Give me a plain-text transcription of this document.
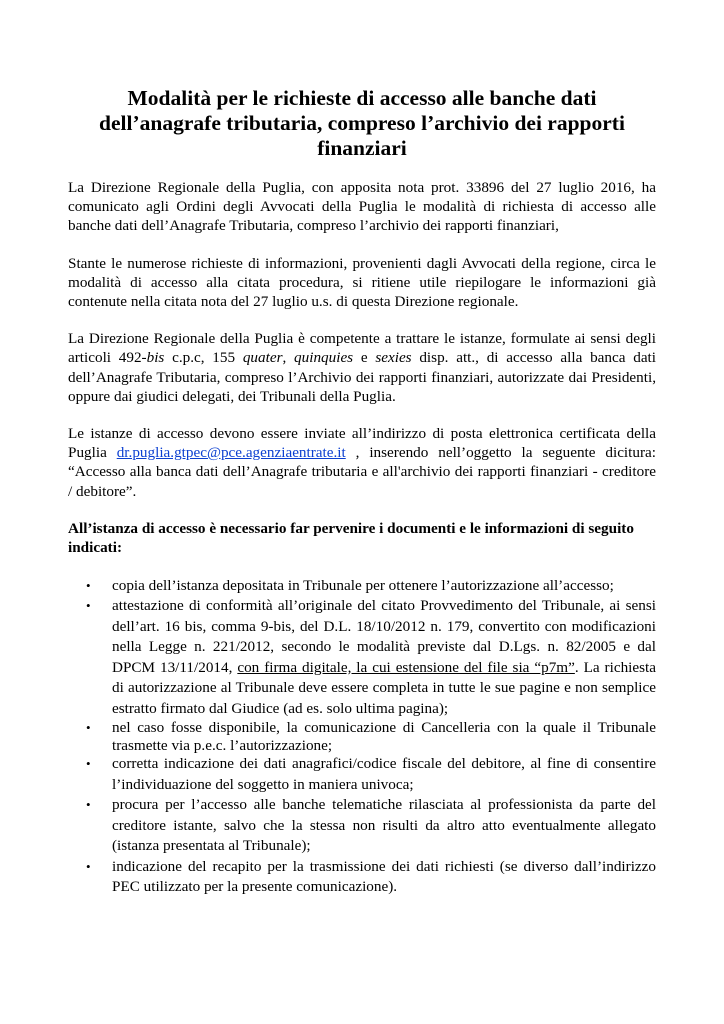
Modalità per le richieste di accesso alle banche dati dell’anagrafe tributaria, compreso l’archivio dei rapporti finanziari

La Direzione Regionale della Puglia, con apposita nota prot. 33896 del 27 luglio 2016, ha comunicato agli Ordini degli Avvocati della Puglia le modalità di richiesta di accesso alle banche dati dell’Anagrafe Tributaria, compreso l’archivio dei rapporti finanziari,

Stante le numerose richieste di informazioni, provenienti dagli Avvocati della regione, circa le modalità di accesso alla citata procedura, si ritiene utile riepilogare le informazioni già contenute nella citata nota del 27 luglio u.s. di questa Direzione regionale.

La Direzione Regionale della Puglia è competente a trattare le istanze, formulate ai sensi degli articoli 492-bis c.p.c, 155 quater, quinquies e sexies disp. att., di accesso alla banca dati dell’Anagrafe Tributaria, compreso l’Archivio dei rapporti finanziari, autorizzate dai Presidenti, oppure dai giudici delegati, dei Tribunali della Puglia.

Le istanze di accesso devono essere inviate all’indirizzo di posta elettronica certificata della Puglia dr.puglia.gtpec@pce.agenziaentrate.it , inserendo nell’oggetto la seguente dicitura: “Accesso alla banca dati dell’Anagrafe tributaria e all'archivio dei rapporti finanziari - creditore / debitore”.

All’istanza di accesso è necessario far pervenire i documenti e le informazioni di seguito indicati:
• copia dell’istanza depositata in Tribunale per ottenere l’autorizzazione all’accesso;
• attestazione di conformità all’originale del citato Provvedimento del Tribunale, ai sensi dell’art. 16 bis, comma 9-bis, del D.L. 18/10/2012 n. 179, convertito con modificazioni nella Legge n. 221/2012, secondo le modalità previste dal D.Lgs. n. 82/2005 e dal DPCM 13/11/2014, con firma digitale, la cui estensione del file sia “p7m”. La richiesta di autorizzazione al Tribunale deve essere completa in tutte le sue pagine e non semplice estratto firmato dal Giudice (ad es. solo ultima pagina);
• nel caso fosse disponibile, la comunicazione di Cancelleria con la quale il Tribunale trasmette via p.e.c. l’autorizzazione;
• corretta indicazione dei dati anagrafici/codice fiscale del debitore, al fine di consentire l’individuazione del soggetto in maniera univoca;
• procura per l’accesso alle banche telematiche rilasciata al professionista da parte del creditore istante, salvo che la stessa non risulti da altro atto eventualmente allegato (istanza presentata al Tribunale);
• indicazione del recapito per la trasmissione dei dati richiesti (se diverso dall’indirizzo PEC utilizzato per la presente comunicazione).
